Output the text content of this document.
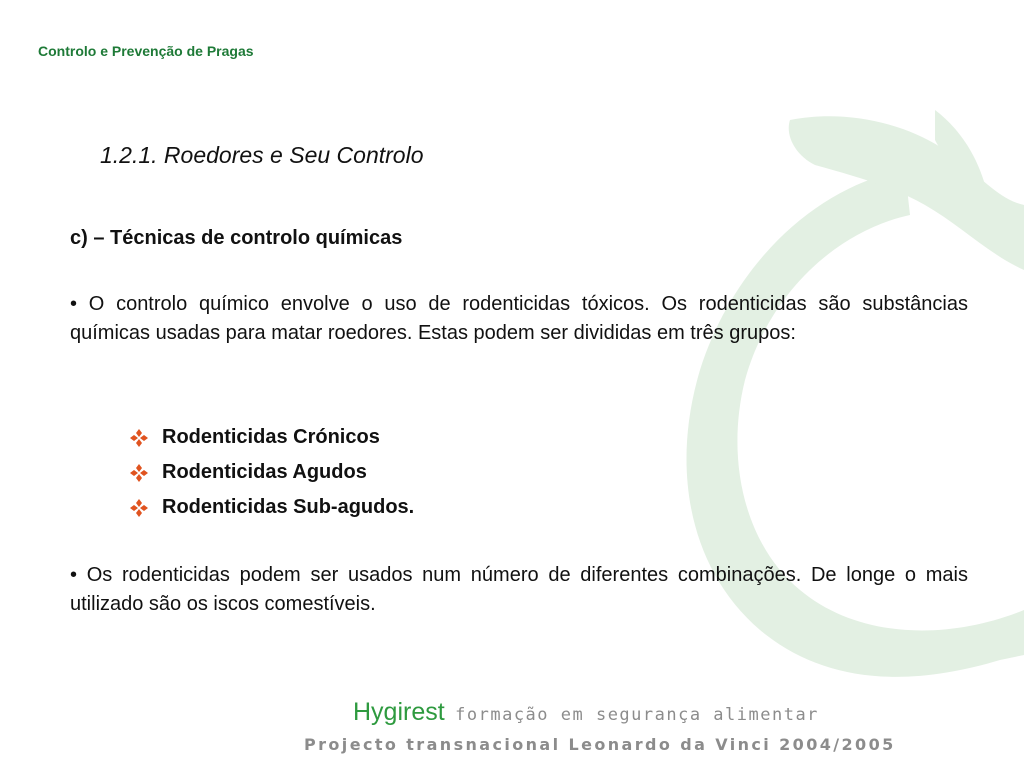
Controlo e Prevenção de Pragas
1.2.1. Roedores e Seu Controlo
c) – Técnicas de controlo químicas
• O controlo químico envolve o uso de rodenticidas tóxicos. Os rodenticidas são substâncias químicas usadas para matar roedores. Estas podem ser divididas em três grupos:
Rodenticidas Crónicos
Rodenticidas Agudos
Rodenticidas Sub-agudos.
• Os rodenticidas podem ser usados num número de diferentes combinações. De longe o mais utilizado são os iscos comestíveis.
Hygirest formação em segurança alimentar
Projecto transnacional Leonardo da Vinci 2004/2005
